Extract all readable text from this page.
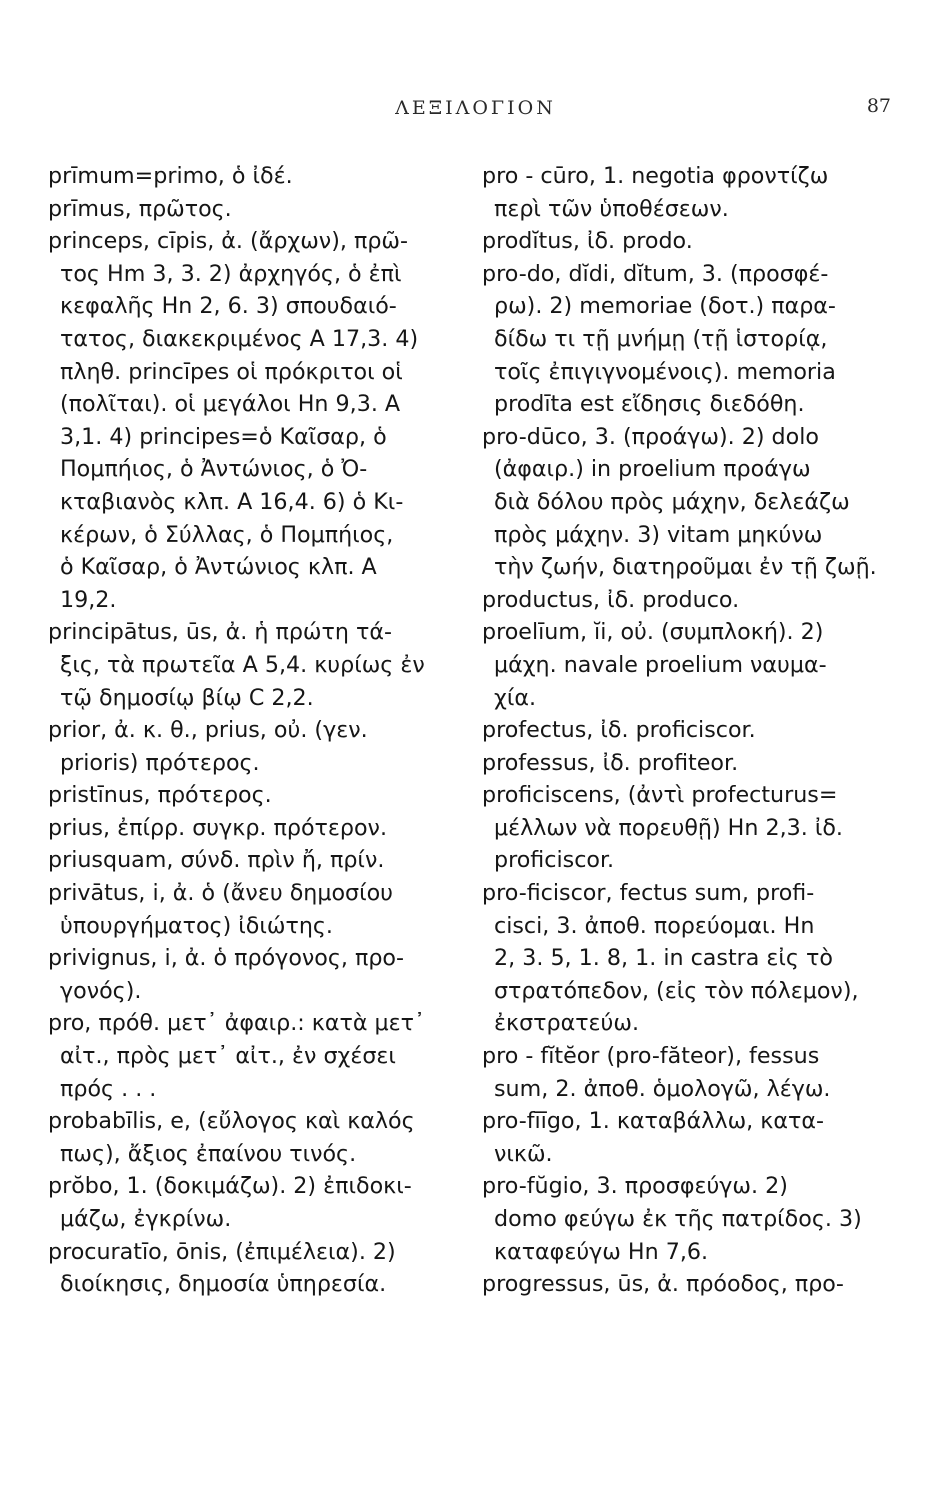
ΛΕΞΙΛΟΓΙΟΝ	87
prīmum=primo, ὁ ἰδέ.
prīmus, πρῶτος.
princeps, cīpis, ἀ. (ἄρχων), πρῶ-
τος Hm 3, 3. 2) ἀρχηγός, ὁ ἐπὶ
κεφαλῆς Hn 2, 6. 3) σπουδαιό-
τατος, διακεκριμένος A 17,3. 4)
πληθ. princīpes οἱ πρόκριτοι οἱ
(πολῖται). οἱ μεγάλοι Hn 9,3. A
3,1. 4) principes=ὁ Καῖσαρ, ὁ
Πομπήιος, ὁ Ἀντώνιος, ὁ Ὀ-
κταβιανὸς κλπ. A 16,4. 6) ὁ Κι-
κέρων, ὁ Σύλλας, ὁ Πομπήιος,
ὁ Καῖσαρ, ὁ Ἀντώνιος κλπ. A
19,2.
principātus, ūs, ἀ. ἡ πρώτη τά-
ξις, τὰ πρωτεῖα A 5,4. κυρίως ἐν
τῷ δημοσίῳ βίῳ C 2,2.
prior, ἀ. κ. θ., prius, οὐ. (γεν.
prioris) πρότερος.
pristīnus, πρότερος.
prius, ἐπίρρ. συγκρ. πρότερον.
priusquam, σύνδ. πρὶν ἤ, πρίν.
privātus, i, ἀ. ὁ (ἄνευ δημοσίου
ὑπουργήματος) ἰδιώτης.
privignus, i, ἀ. ὁ πρόγονος, προ-
γονός).
pro, πρόθ. μετ᾽ ἀφαιρ.: κατὰ μετ᾽
αἰτ., πρὸς μετ᾽ αἰτ., ἐν σχέσει
πρός . . .
probabīlis, e, (εὔλογος καὶ καλός
πως), ἄξιος ἐπαίνου τινός.
prŏbo, 1. (δοκιμάζω). 2) ἐπιδοκι-
μάζω, ἐγκρίνω.
procuratīo, ōnis, (ἐπιμέλεια). 2)
διοίκησις, δημοσία ὑπηρεσία.
pro - cūro, 1. negotia φροντίζω
περὶ τῶν ὑποθέσεων.
prodĭtus, ἰδ. prodo.
pro-do, dĭdi, dĭtum, 3. (προσφέ-
ρω). 2) memoriae (δοτ.) παρα-
δίδω τι τῇ μνήμῃ (τῇ ἱστορίᾳ,
τοῖς ἐπιγιγνομένοις). memoria
prodīta est εἴδησις διεδόθη.
pro-dūco, 3. (προάγω). 2) dolo
(ἀφαιρ.) in proelium προάγω
διὰ δόλου πρὸς μάχην, δελεάζω
πρὸς μάχην. 3) vitam μηκύνω
τὴν ζωήν, διατηροῦμαι ἐν τῇ ζωῇ.
productus, ἰδ. produco.
proelīum, ĭi, οὐ. (συμπλοκή). 2)
μάχη. navale proelium ναυμα-
χία.
profectus, ἰδ. proficiscor.
professus, ἰδ. profiteor.
proficiscens, (ἀντὶ profecturus=
μέλλων νὰ πορευθῇ) Hn 2,3. ἰδ.
proficiscor.
pro-ficiscor, fectus sum, profi-
cisci, 3. ἀποθ. πορεύομαι. Hn
2, 3. 5, 1. 8, 1. in castra εἰς τὸ
στρατόπεδον, (εἰς τὸν πόλεμον),
ἐκστρατεύω.
pro - fĭtĕor (pro-făteor), fessus
sum, 2. ἀποθ. ὁμολογῶ, λέγω.
pro-fīīgo, 1. καταβάλλω, κατα-
νικῶ.
pro-fŭgio, 3. προσφεύγω. 2)
domo φεύγω ἐκ τῆς πατρίδος. 3)
καταφεύγω Hn 7,6.
progressus, ūs, ἀ. πρόοδος, προ-
